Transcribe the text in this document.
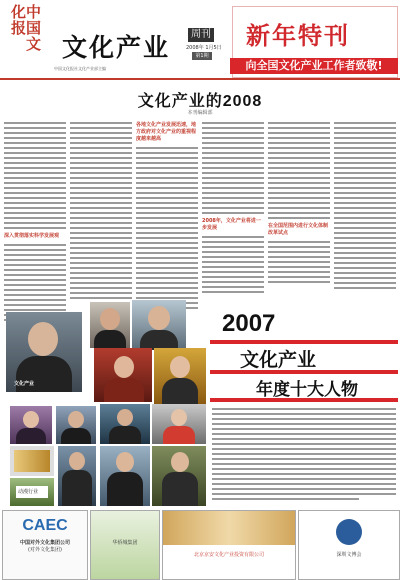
中国文化报
文化产业	周刊
2008年 1月5日
第1期
中国文化报社文化产业部主编
新年特刊
向全国文化产业工作者致敬!
文化产业的2008
本刊编辑部
深入贯彻落实科学发展观
各地文化产业发展迅速，地方政府对文化产业的重视程度越来越高
2008年，文化产业将进一步发展	在全国范围内进行文化体制改革试点
动漫行业
文化产业
2007
文化产业
年度十大人物
CAEC
中国对外文化集团公司
(对外文化集团)
华侨城集团
北京京安文化产业投资有限公司	深圳文博会
